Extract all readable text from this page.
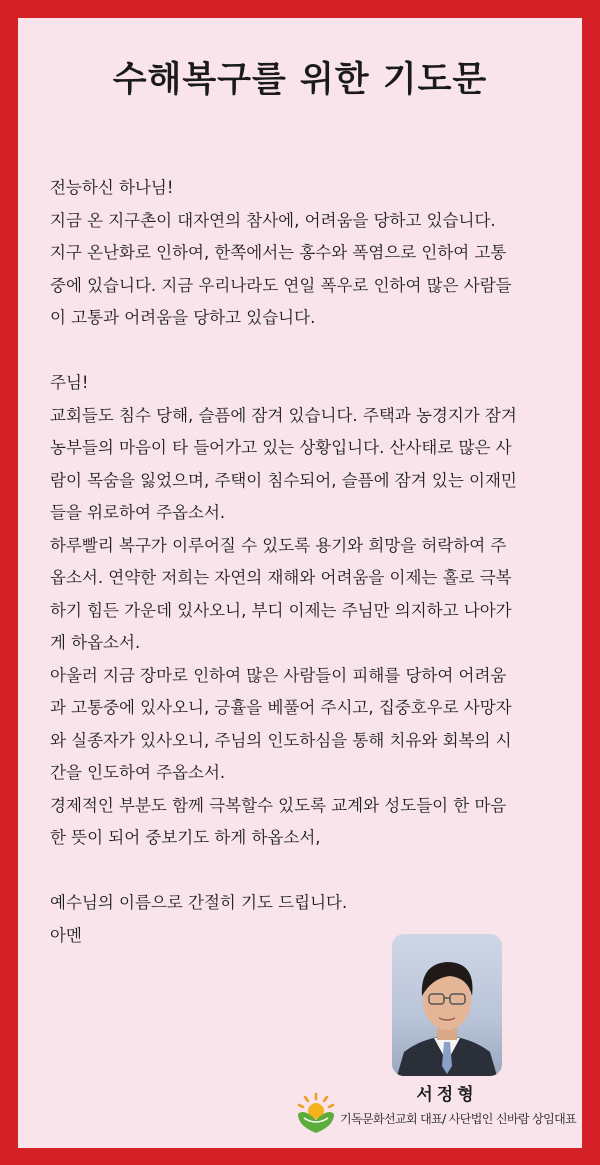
수해복구를 위한 기도문
전능하신 하나님!
지금 온 지구촌이 대자연의 참사에, 어려움을 당하고 있습니다.
지구 온난화로 인하여, 한쪽에서는 홍수와 폭염으로 인하여 고통
중에 있습니다. 지금 우리나라도 연일 폭우로 인하여 많은 사람들
이 고통과 어려움을 당하고 있습니다.
주님!
교회들도 침수 당해, 슬픔에 잠겨 있습니다. 주택과 농경지가 잠겨
농부들의 마음이 타 들어가고 있는 상황입니다. 산사태로 많은 사
람이 목숨을 잃었으며, 주택이 침수되어, 슬픔에 잠겨 있는 이재민
들을 위로하여 주옵소서.
하루빨리 복구가 이루어질 수 있도록 용기와 희망을 허락하여 주
옵소서. 연약한 저희는 자연의 재해와 어려움을 이제는 홀로 극복
하기 힘든 가운데 있사오니, 부디 이제는 주님만 의지하고 나아가
게 하옵소서.
아울러 지금 장마로 인하여 많은 사람들이 피해를 당하여 어려움
과 고통중에 있사오니, 긍휼을 베풀어 주시고, 집중호우로 사망자
와 실종자가 있사오니, 주님의 인도하심을 통해 치유와 회복의 시
간을 인도하여 주옵소서.
경제적인 부분도 함께 극복할수 있도록 교계와 성도들이 한 마음
한 뜻이 되어 중보기도 하게 하옵소서,
예수님의 이름으로 간절히 기도 드립니다.
아멘
서정형
기독문화선교회 대표/ 사단법인 신바람 상임대표
